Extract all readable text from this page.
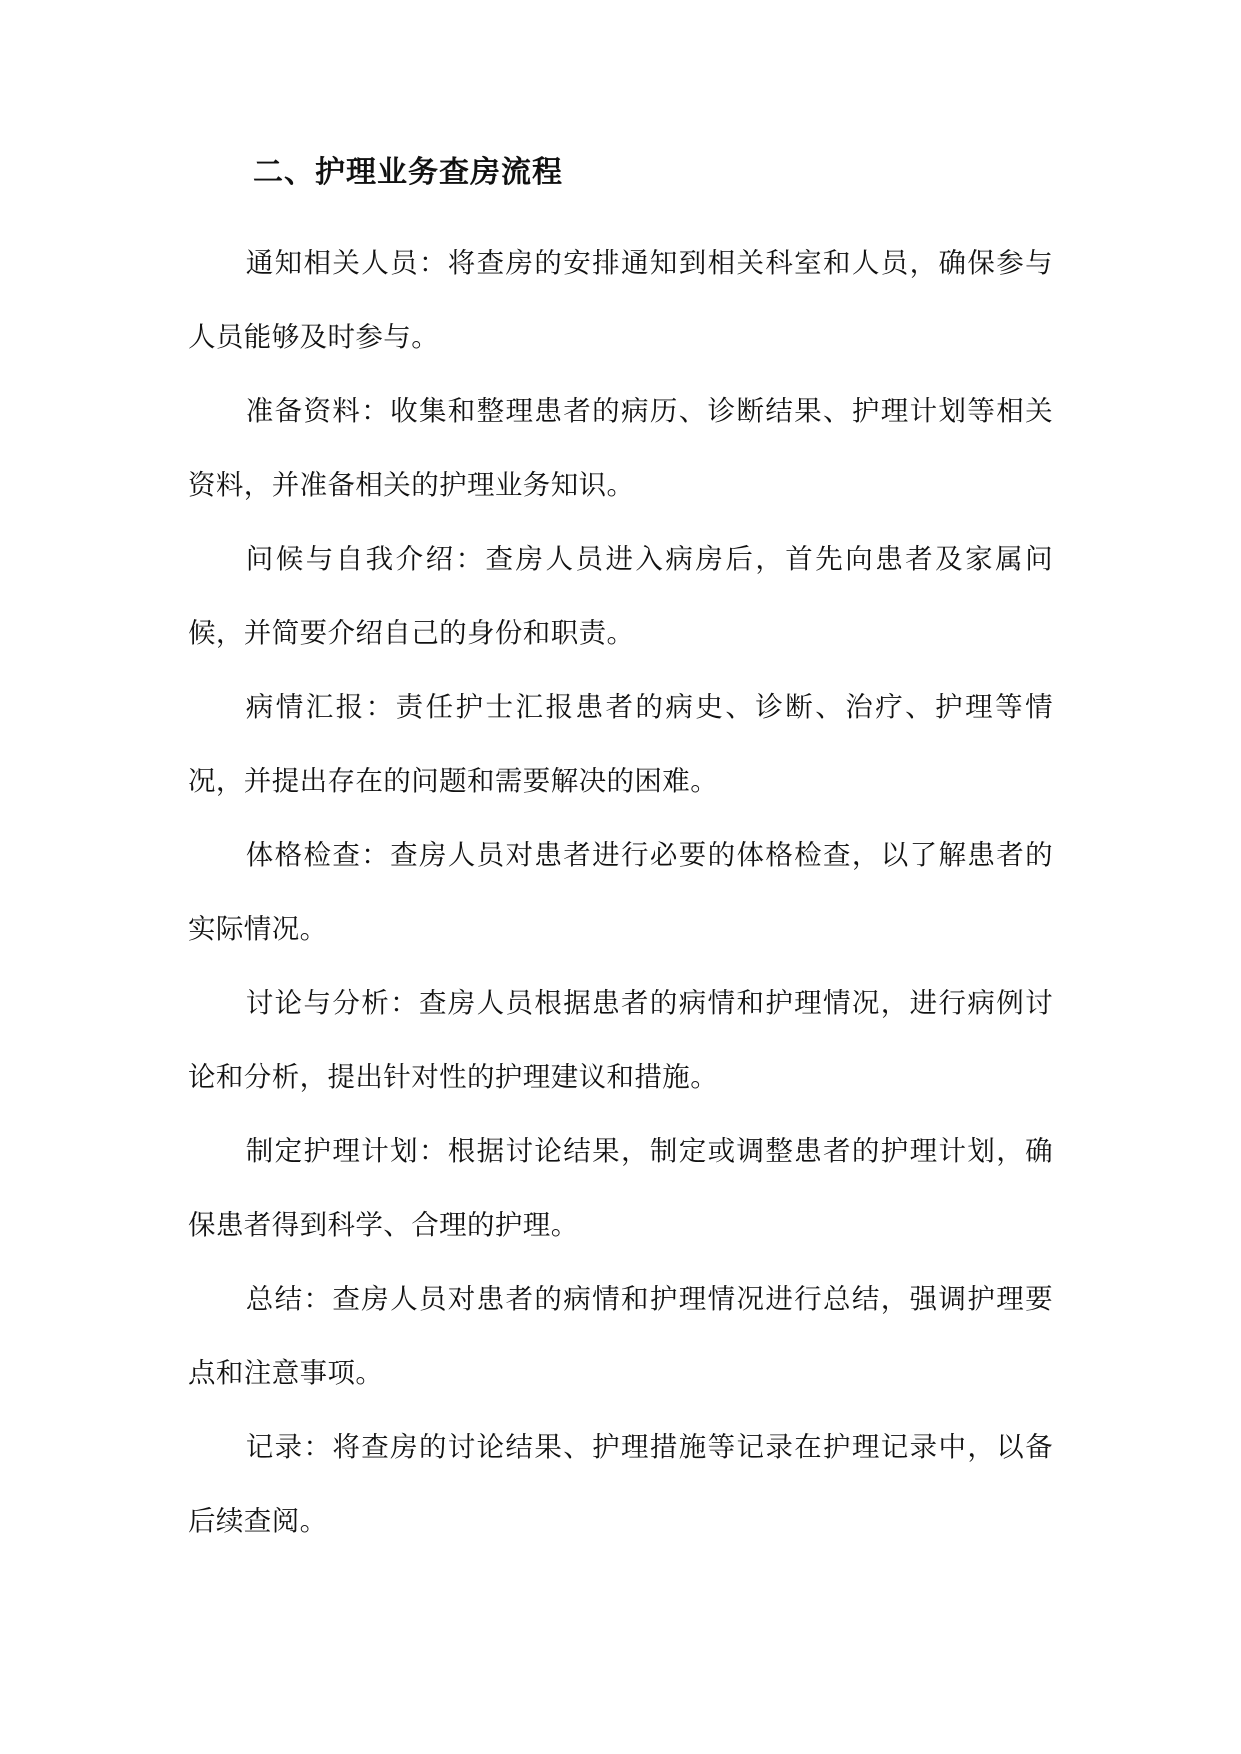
二、护理业务查房流程

通知相关人员：将查房的安排通知到相关科室和人员，确保参与人员能够及时参与。

准备资料：收集和整理患者的病历、诊断结果、护理计划等相关资料，并准备相关的护理业务知识。

问候与自我介绍：查房人员进入病房后，首先向患者及家属问候，并简要介绍自己的身份和职责。

病情汇报：责任护士汇报患者的病史、诊断、治疗、护理等情况，并提出存在的问题和需要解决的困难。

体格检查：查房人员对患者进行必要的体格检查，以了解患者的实际情况。

讨论与分析：查房人员根据患者的病情和护理情况，进行病例讨论和分析，提出针对性的护理建议和措施。

制定护理计划：根据讨论结果，制定或调整患者的护理计划，确保患者得到科学、合理的护理。

总结：查房人员对患者的病情和护理情况进行总结，强调护理要点和注意事项。

记录：将查房的讨论结果、护理措施等记录在护理记录中，以备后续查阅。
